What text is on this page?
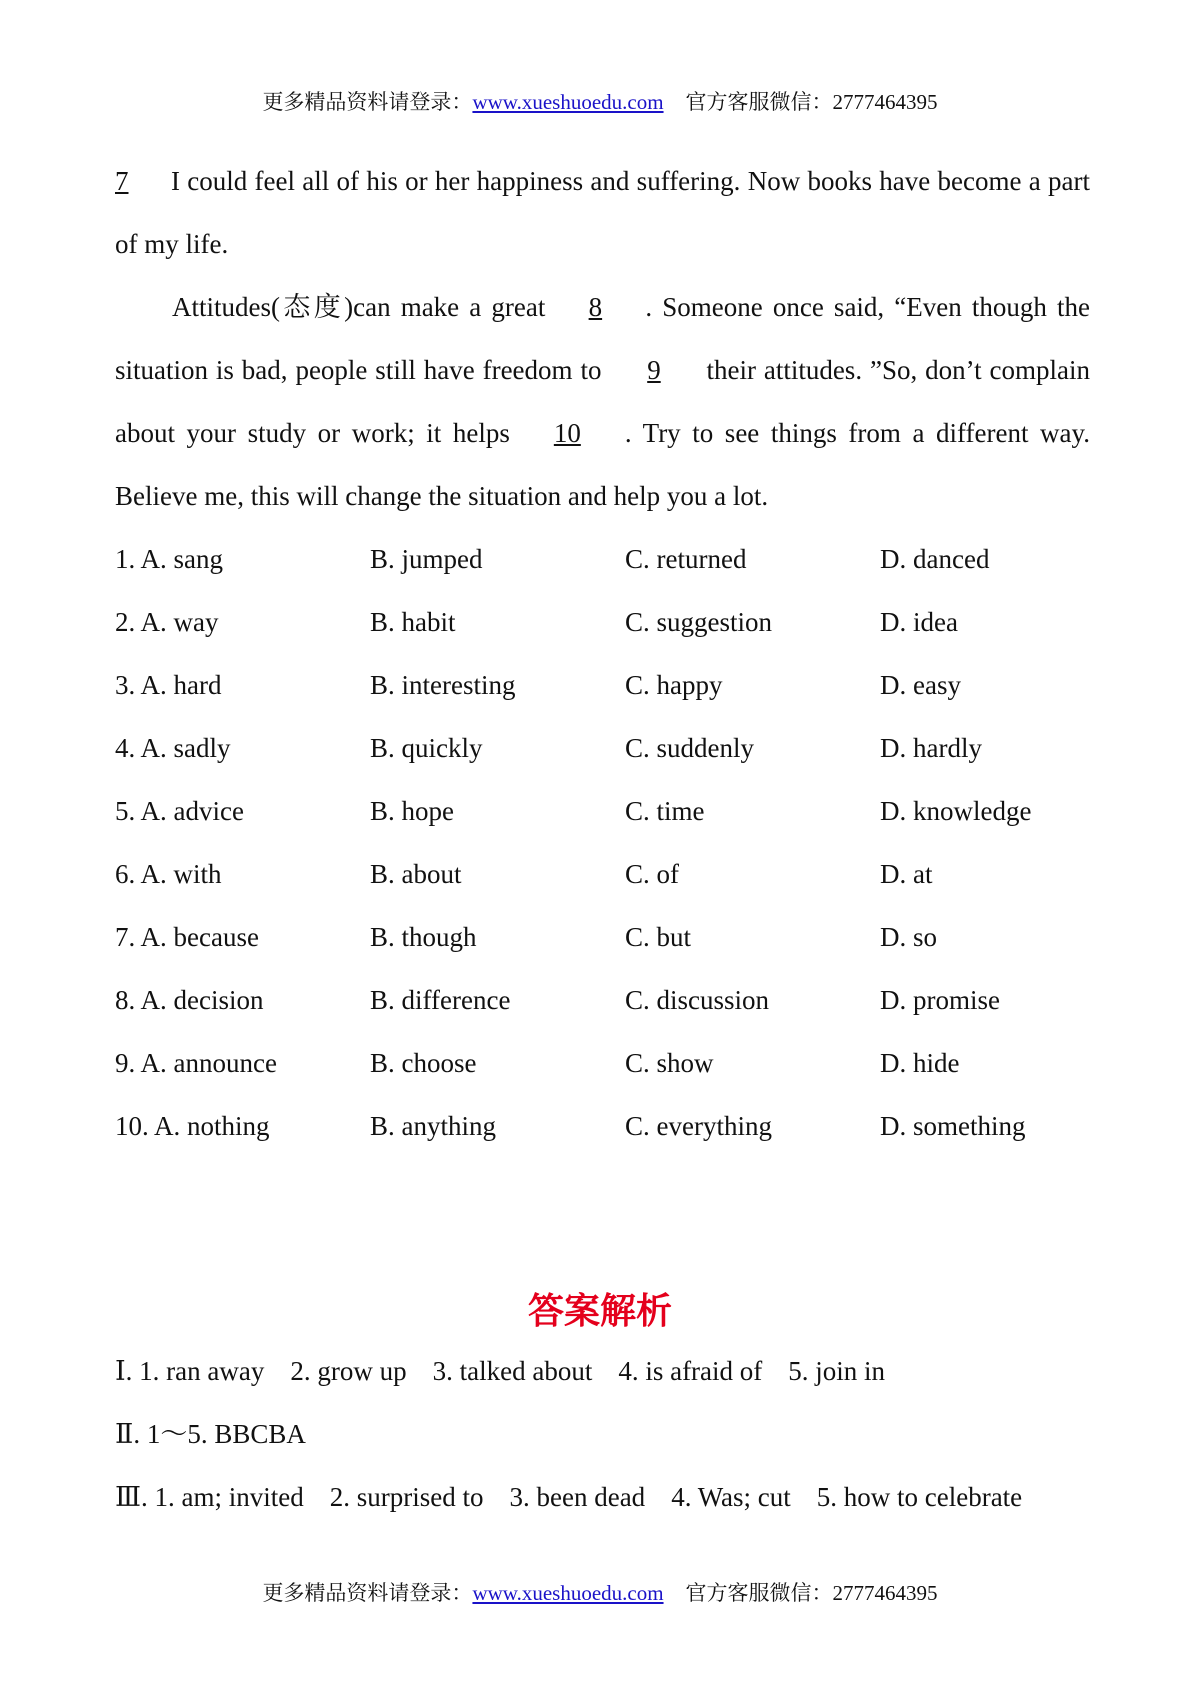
更多精品资料请登录：www.xueshuoedu.com 官方客服微信：2777464395

7 I could feel all of his or her happiness and suffering. Now books have become a part of my life.

Attitudes(态度)can make a great 8 . Someone once said, “Even though the situation is bad, people still have freedom to 9 their attitudes. ”So, don’t complain about your study or work; it helps 10 . Try to see things from a different way. Believe me, this will change the situation and help you a lot.

1. A. sang	B. jumped	C. returned	D. danced
2. A. way	B. habit	C. suggestion	D. idea
3. A. hard	B. interesting	C. happy	D. easy
4. A. sadly	B. quickly	C. suddenly	D. hardly
5. A. advice	B. hope	C. time	D. knowledge
6. A. with	B. about	C. of	D. at
7. A. because	B. though	C. but	D. so
8. A. decision	B. difference	C. discussion	D. promise
9. A. announce	B. choose	C. show	D. hide
10. A. nothing	B. anything	C. everything	D. something
答案解析
Ⅰ. 1. ran away 2. grow up 3. talked about 4. is afraid of 5. join in
Ⅱ. 1～5. BBCBA
Ⅲ. 1. am; invited 2. surprised to 3. been dead 4. Was; cut 5. how to celebrate
更多精品资料请登录：www.xueshuoedu.com 官方客服微信：2777464395
